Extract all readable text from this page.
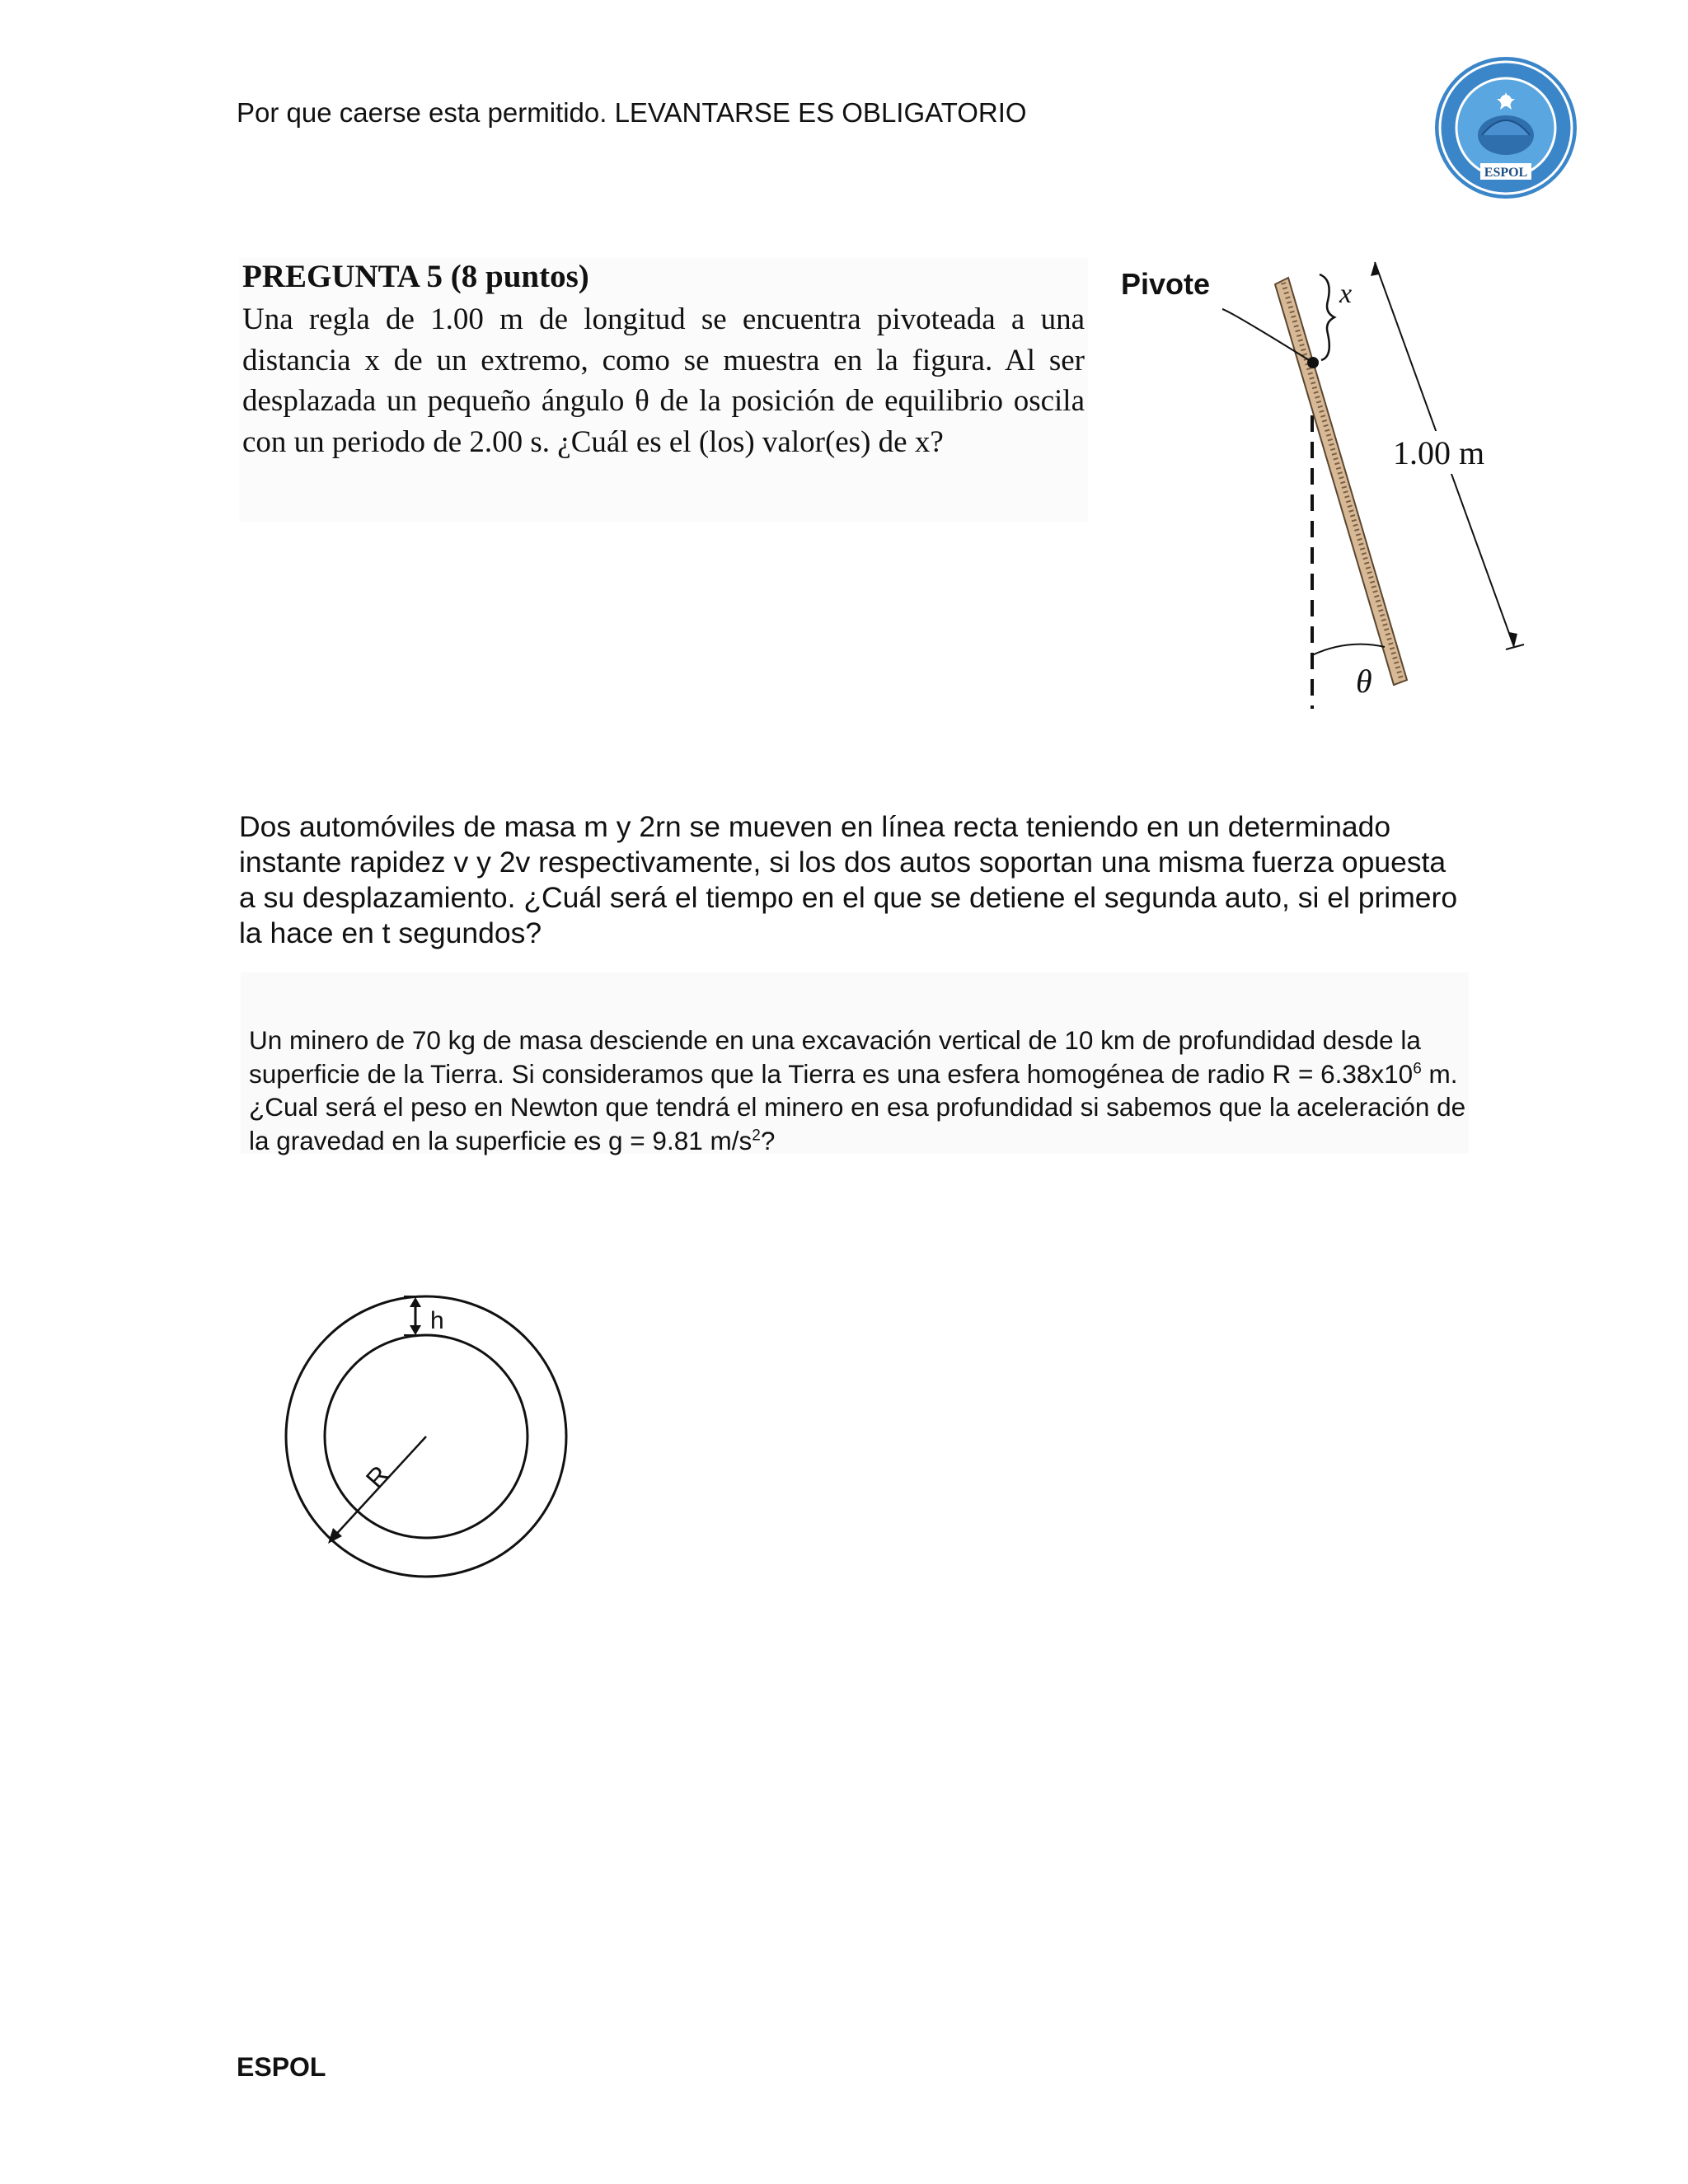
Por que caerse esta permitido. LEVANTARSE ES OBLIGATORIO
ESPOL
PREGUNTA 5 (8 puntos)
Una regla de 1.00 m de longitud se encuentra pivoteada a una distancia x de un extremo, como se muestra en la figura. Al ser desplazada un pequeño ángulo θ de la posición de equilibrio oscila con un periodo de 2.00 s. ¿Cuál es el (los) valor(es) de x?
Pivote	x
1.00 m
θ
Dos automóviles de masa m y 2rn se mueven en línea recta teniendo en un determinado instante rapidez v y 2v respectivamente, si los dos autos soportan una misma fuerza opuesta a su desplazamiento. ¿Cuál será el tiempo en el que se detiene el segunda auto, si el primero la hace en t segundos?
Un minero de 70 kg de masa desciende en una excavación vertical de 10 km de profundidad desde la superficie de la Tierra. Si consideramos que la Tierra es una esfera homogénea de radio $R = 6.38x10^6$ m. ¿Cual será el peso en Newton que tendrá el minero en esa profundidad si sabemos que la aceleración de la gravedad en la superficie es g = 9.81 $m/s^2$?
h
R
ESPOL
